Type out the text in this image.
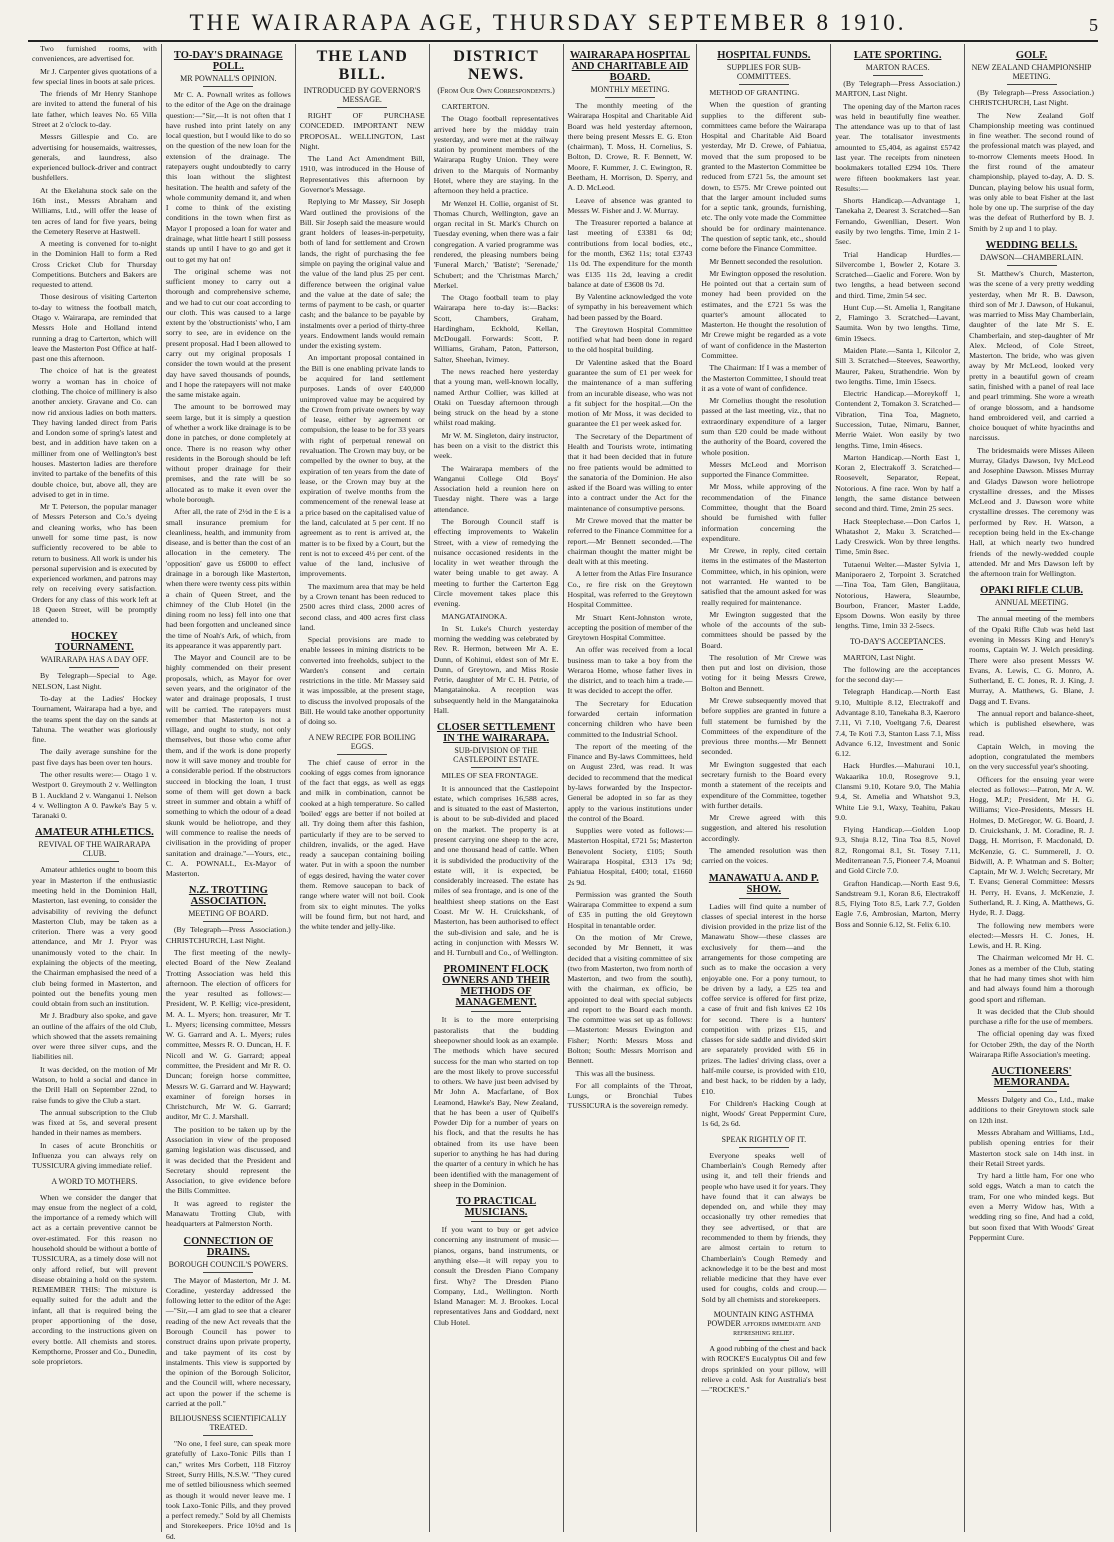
THE WAIRARAPA AGE, THURSDAY SEPTEMBER 8 1910.	5

Two furnished rooms, with conveniences, are advertised for.

Mr J. Carpenter gives quotations of a few special lines in boots at sale prices.

The friends of Mr Henry Stanhope are invited to attend the funeral of his late father, which leaves No. 65 Villa Street at 2 o'clock to-day.

Messrs Gillespie and Co. are advertising for housemaids, waitresses, generals, and laundress, also experienced bullock-driver and contract bushfellers.

At the Ekelahuna stock sale on the 16th inst., Messrs Abraham and Williams, Ltd., will offer the lease of ten acres of land for five years, being the Cemetery Reserve at Hastwell.

A meeting is convened for to-night in the Dominion Hall to form a Red Cross Cricket Club for Thursday Competitions. Butchers and Bakers are requested to attend.

Those desirous of visiting Carterton to-day to witness the football match, Otago v. Wairarapa, are reminded that Messrs Hole and Holland intend running a drag to Carterton, which will leave the Masterton Post Office at half-past one this afternoon.

The choice of hat is the greatest worry a woman has in choice of clothing. The choice of millinery is also another anxiety. Gravane and Co. can now rid anxious ladies on both matters. They having landed direct from Paris and London some of spring's latest and best, and in addition have taken on a milliner from one of Wellington's best houses. Masterton ladies are therefore invited to partake of the benefits of this double choice, but, above all, they are advised to get in in time.

Mr T. Peterson, the popular manager of Messrs Peterson and Co.'s dyeing and cleaning works, who has been unwell for some time past, is now sufficiently recovered to be able to return to business. All work is under his personal supervision and is executed by experienced workmen, and patrons may rely on receiving every satisfaction. Orders for any class of this work left at 18 Queen Street, will be promptly attended to.

HOCKEY TOURNAMENT.
WAIRARAPA HAS A DAY OFF.

By Telegraph—Special to Age. NELSON, Last Night.

To-day at the Ladies' Hockey Tournament, Wairarapa had a bye, and the teams spent the day on the sands at Tahuna. The weather was gloriously fine.

The daily average sunshine for the past five days has been over ten hours.

The other results were:— Otago 1 v. Westport 0. Greymouth 2 v. Wellington B 1. Auckland 2 v. Wanganui 1. Nelson 4 v. Wellington A 0. Pawke's Bay 5 v. Taranaki 0.

AMATEUR ATHLETICS.
REVIVAL OF THE WAIRARAPA CLUB.

Amateur athletics ought to boom this year in Masterton if the enthusiastic meeting held in the Dominion Hall, Masterton, last evening, to consider the advisability of reviving the defunct Masterton Club, may be taken as a criterion. There was a very good attendance, and Mr J. Pryor was unanimously voted to the chair. In explaining the objects of the meeting, the Chairman emphasised the need of a club being formed in Masterton, and pointed out the benefits young men could obtain from such an institution.

Mr J. Bradbury also spoke, and gave an outline of the affairs of the old Club, which showed that the assets remaining over were three silver cups, and the liabilities nil.

It was decided, on the motion of Mr Watson, to hold a social and dance in the Drill Hall on September 22nd, to raise funds to give the Club a start.

The annual subscription to the Club was fixed at 5s, and several present handed in their names as members.

In cases of acute Bronchitis or Influenza you can always rely on TUSSICURA giving immediate relief.

A WORD TO MOTHERS.

When we consider the danger that may ensue from the neglect of a cold, the importance of a remedy which will act as a certain preventive cannot be over-estimated. For this reason no household should be without a bottle of TUSSICURA, as a timely dose will not only afford relief, but will prevent disease obtaining a hold on the system. REMEMBER THIS: The mixture is equally suited for the adult and the infant, all that is required being the proper apportioning of the dose, according to the instructions given on every bottle. All chemists and stores. Kempthorne, Prosser and Co., Dunedin, sole proprietors.

TO-DAY'S DRAINAGE POLL.
MR POWNALL'S OPINION.

Mr C. A. Pownall writes as follows to the editor of the Age on the drainage question:—"Sir,—It is not often that I have rushed into print lately on any local question, but I would like to do so on the question of the new loan for the extension of the drainage. The ratepayers ought undoubtedly to carry this loan without the slightest hesitation. The health and safety of the whole community demand it, and when I come to think of the existing conditions in the town when first as Mayor I proposed a loan for water and drainage, what little heart I still possess stands up until I have to go and get it out to get my hat on!

The original scheme was not sufficient money to carry out a thorough and comprehensive scheme, and we had to cut our coat according to our cloth. This was caused to a large extent by the 'obstructionists' who, I am sorry to see, are in evidence on the present proposal. Had I been allowed to carry out my original proposals I consider the town would at the present day have saved thousands of pounds, and I hope the ratepayers will not make the same mistake again.

The amount to be borrowed may seem large, but it is simply a question of whether a work like drainage is to be done in patches, or done completely at once. There is no reason why other residents in the Borough should be left without proper drainage for their premises, and the rate will be so allocated as to make it even over the whole borough.

After all, the rate of 2½d in the £ is a small insurance premium for cleanliness, health, and immunity from disease, and is better than the cost of an allocation in the cemetery. The 'opposition' gave us £6000 to effect drainage in a borough like Masterton, when there were twenty cess pits within a chain of Queen Street, and the chimney of the Club Hotel (in the dining room no less) fell into one that had been forgotten and uncleaned since the time of Noah's Ark, of which, from its appearance it was apparently part.

The Mayor and Council are to be highly commended on their present proposals, which, as Mayor for over seven years, and the originator of the water and drainage proposals, I trust will be carried. The ratepayers must remember that Masterton is not a village, and ought to study, not only themselves, but those who come after them, and if the work is done properly now it will save money and trouble for a considerable period. If the obstructors succeed in blocking the loan, I trust some of them will get down a back street in summer and obtain a whiff of something to which the odour of a dead skunk would be heliotrope, and they will commence to realise the needs of civilisation in the providing of proper sanitation and drainage."—Yours, etc., C. A. POWNALL, Ex-Mayor of Masterton.

N.Z. TROTTING ASSOCIATION.
MEETING OF BOARD.

(By Telegraph—Press Association.) CHRISTCHURCH, Last Night.

The first meeting of the newly-elected Board of the New Zealand Trotting Association was held this afternoon. The election of officers for the year resulted as follows:—President, W. P. Kellig; vice-president, M. A. L. Myers; hon. treasurer, Mr T. L. Myers; licensing committee, Messrs W. G. Garrard and A. L. Myers; rules committee, Messrs R. O. Duncan, H. F. Nicoll and W. G. Garrard; appeal committee, the President and Mr R. O. Duncan; foreign horse committee, Messrs W. G. Garrard and W. Hayward; examiner of foreign horses in Christchurch, Mr W. G. Garrard; auditor, Mr C. J. Marshall.

The position to be taken up by the Association in view of the proposed gaming legislation was discussed, and it was decided that the President and Secretary should represent the Association, to give evidence before the Bills Committee.

It was agreed to register the Manawatu Trotting Club, with headquarters at Palmerston North.

CONNECTION OF DRAINS.
BOROUGH COUNCIL'S POWERS.

The Mayor of Masterton, Mr J. M. Coradine, yesterday addressed the following letter to the editor of the Age:—"Sir,—I am glad to see that a clearer reading of the new Act reveals that the Borough Council has power to construct drains upon private property, and take payment of its cost by instalments. This view is supported by the opinion of the Borough Solicitor, and the Council will, where necessary, act upon the power if the scheme is carried at the poll."

BILIOUSNESS SCIENTIFICALLY TREATED.

"No one, I feel sure, can speak more gratefully of Laxo-Tonic Pills than I can," writes Mrs Corbett, 118 Fitzroy Street, Surry Hills, N.S.W. "They cured me of settled biliousness which seemed as though it would never leave me. I took Laxo-Tonic Pills, and they proved a perfect remedy." Sold by all Chemists and Storekeepers. Price 10½d and 1s 6d.

THE LAND BILL.
INTRODUCED BY GOVERNOR'S MESSAGE.

RIGHT OF PURCHASE CONCEDED. IMPORTANT NEW PROPOSAL. WELLINGTON, Last Night.

The Land Act Amendment Bill, 1910, was introduced in the House of Representatives this afternoon by Governor's Message.

Replying to Mr Massey, Sir Joseph Ward outlined the provisions of the Bill. Sir Joseph said the measure would grant holders of leases-in-perpetuity, both of land for settlement and Crown lands, the right of purchasing the fee simple on paying the original value and the value of the land plus 25 per cent. difference between the original value and the value at the date of sale; the terms of payment to be cash, or quarter cash; and the balance to be payable by instalments over a period of thirty-three years. Endowment lands would remain under the existing system.

An important proposal contained in the Bill is one enabling private lands to be acquired for land settlement purposes. Lands of over £40,000 unimproved value may be acquired by the Crown from private owners by way of lease, either by agreement or compulsion, the lease to be for 33 years with right of perpetual renewal on revaluation. The Crown may buy, or be compelled by the owner to buy, at the expiration of ten years from the date of lease, or the Crown may buy at the expiration of twelve months from the commencement of the renewal lease at a price based on the capitalised value of the land, calculated at 5 per cent. If no agreement as to rent is arrived at, the matter is to be fixed by a Court, but the rent is not to exceed 4½ per cent. of the value of the land, inclusive of improvements.

The maximum area that may be held by a Crown tenant has been reduced to 2500 acres third class, 2000 acres of second class, and 400 acres first class land.

Special provisions are made to enable lessees in mining districts to be converted into freeholds, subject to the Warden's consent and certain restrictions in the title. Mr Massey said it was impossible, at the present stage, to discuss the involved proposals of the Bill. He would take another opportunity of doing so.

A NEW RECIPE FOR BOILING EGGS.

The chief cause of error in the cooking of eggs comes from ignorance of the fact that eggs, as well as eggs and milk in combination, cannot be cooked at a high temperature. So called 'boiled' eggs are better if not boiled at all. Try doing them after this fashion, particularly if they are to be served to children, invalids, or the aged. Have ready a saucepan containing boiling water. Put in with a spoon the number of eggs desired, having the water cover them. Remove saucepan to back of range where water will not boil. Cook from six to eight minutes. The yolks will be found firm, but not hard, and the white tender and jelly-like.

DISTRICT NEWS.
(From Our Own Correspondents.)

CARTERTON.

The Otago football representatives arrived here by the midday train yesterday, and were met at the railway station by prominent members of the Wairarapa Rugby Union. They were driven to the Marquis of Normanby Hotel, where they are staying. In the afternoon they held a practice.

Mr Wenzel H. Collie, organist of St. Thomas Church, Wellington, gave an organ recital in St. Mark's Church on Tuesday evening, when there was a fair congregation. A varied programme was rendered, the pleasing numbers being 'Funeral March,' 'Batiste'; 'Serenade,' Schubert; and the 'Christmas March,' Merkel.

The Otago football team to play Wairarapa here to-day is:—Backs: Scott, Chambers, Graham, Hardingham, Eckhold, Kellan, McDougall. Forwards: Scott, P. Williams, Graham, Paton, Patterson, Salter, Sheehan, Ivimey.

The news reached here yesterday that a young man, well-known locally, named Arthur Collier, was killed at Otaki on Tuesday afternoon through being struck on the head by a stone whilst road making.

Mr W. M. Singleton, dairy instructor, has been on a visit to the district this week.

The Wairarapa members of the Wanganui College Old Boys' Association held a reunion here on Tuesday night. There was a large attendance.

The Borough Council staff is effecting improvements to Wakelin Street, with a view of remedying the nuisance occasioned residents in the locality in wet weather through the water being unable to get away. A meeting to further the Carterton Egg Circle movement takes place this evening.

MANGATAINOKA.

In St. Luke's Church yesterday morning the wedding was celebrated by Rev. R. Hermon, between Mr A. E. Dunn, of Kohinui, eldest son of Mr E. Dunn, of Greytown, and Miss Rosie Petrie, daughter of Mr C. H. Petrie, of Mangatainoka. A reception was subsequently held in the Mangatainoka Hall.

CLOSER SETTLEMENT IN THE WAIRARAPA.
SUB-DIVISION OF THE CASTLEPOINT ESTATE.

MILES OF SEA FRONTAGE.

It is announced that the Castlepoint estate, which comprises 16,588 acres, and is situated to the east of Masterton, is about to be sub-divided and placed on the market. The property is at present carrying one sheep to the acre, and one thousand head of cattle. When it is subdivided the productivity of the estate will, it is expected, be considerably increased. The estate has miles of sea frontage, and is one of the healthiest sheep stations on the East Coast. Mr W. H. Cruickshank, of Masterton, has been authorised to effect the sub-division and sale, and he is acting in conjunction with Messrs W. and H. Turnbull and Co., of Wellington.

PROMINENT FLOCK OWNERS AND THEIR METHODS OF MANAGEMENT.

It is to the more enterprising pastoralists that the budding sheepowner should look as an example. The methods which have secured success for the man who started on top are the most likely to prove successful to others. We have just been advised by Mr John A. Macfarlane, of Box Leamond, Hawke's Bay, New Zealand, that he has been a user of Quibell's Powder Dip for a number of years on his flock, and that the results he has obtained from its use have been superior to anything he has had during the quarter of a century in which he has been identified with the management of sheep in the Dominion.

TO PRACTICAL MUSICIANS.

If you want to buy or get advice concerning any instrument of music—pianos, organs, band instruments, or anything else—it will repay you to consult the Dresden Piano Company first. Why? The Dresden Piano Company, Ltd., Wellington. North Island Manager: M. J. Brookes. Local representatives Jans and Goddard, next Club Hotel.

WAIRARAPA HOSPITAL AND CHARITABLE AID BOARD.
MONTHLY MEETING.

The monthly meeting of the Wairarapa Hospital and Charitable Aid Board was held yesterday afternoon, there being present Messrs E. G. Eton (chairman), T. Moss, H. Cornelius, S. Bolton, D. Crowe, R. F. Bennett, W. Moore, F. Kummer, J. C. Ewington, R. Beetham, H. Morrison, D. Sperry, and A. D. McLeod.

Leave of absence was granted to Messrs W. Fisher and J. W. Murray.

The Treasurer reported a balance at last meeting of £3381 6s 0d; contributions from local bodies, etc., for the month, £362 11s; total £3743 11s 0d. The expenditure for the month was £135 11s 2d, leaving a credit balance at date of £3608 0s 7d.

By Valentine acknowledged the vote of sympathy in his bereavement which had been passed by the Board.

The Greytown Hospital Committee notified what had been done in regard to the old hospital building.

Dr Valentine asked that the Board guarantee the sum of £1 per week for the maintenance of a man suffering from an incurable disease, who was not a fit subject for the hospital.—On the motion of Mr Moss, it was decided to guarantee the £1 per week asked for.

The Secretary of the Department of Health and Tourists wrote, intimating that it had been decided that in future no free patients would be admitted to the sanatoria of the Dominion. He also asked if the Board was willing to enter into a contract under the Act for the maintenance of consumptive persons.

Mr Crewe moved that the matter be referred to the Finance Committee for a report.—Mr Bennett seconded.—The chairman thought the matter might be dealt with at this meeting.

A letter from the Atlas Fire Insurance Co., re fire risk on the Greytown Hospital, was referred to the Greytown Hospital Committee.

Mr Stuart Kent-Johnston wrote, accepting the position of member of the Greytown Hospital Committee.

An offer was received from a local business man to take a boy from the Weraroa Home, whose father lives in the district, and to teach him a trade.—It was decided to accept the offer.

The Secretary for Education forwarded certain information concerning children who have been committed to the Industrial School.

The report of the meeting of the Finance and By-laws Committees, held on August 23rd, was read. It was decided to recommend that the medical by-laws forwarded by the Inspector-General be adopted in so far as they apply to the various institutions under the control of the Board.

Supplies were voted as follows:—Masterton Hospital, £721 5s; Masterton Benevolent Society, £105; South Wairarapa Hospital, £313 17s 9d; Pahiatua Hospital, £400; total, £1660 2s 9d.

Permission was granted the South Wairarapa Committee to expend a sum of £35 in putting the old Greytown Hospital in tenantable order.

On the motion of Mr Crewe, seconded by Mr Bennett, it was decided that a visiting committee of six (two from Masterton, two from north of Masterton, and two from the south), with the chairman, ex officio, be appointed to deal with special subjects and report to the Board each month. The committee was set up as follows:—Masterton: Messrs Ewington and Fisher; North: Messrs Moss and Bolton; South: Messrs Morrison and Bennett.

This was all the business.

For all complaints of the Throat, Lungs, or Bronchial Tubes TUSSICURA is the sovereign remedy.

HOSPITAL FUNDS.
SUPPLIES FOR SUB-COMMITTEES.

METHOD OF GRANTING.

When the question of granting supplies to the different sub-committees came before the Wairarapa Hospital and Charitable Aid Board yesterday, Mr D. Crewe, of Pahiatua, moved that the sum proposed to be granted to the Masterton Committee be reduced from £721 5s, the amount set down, to £575. Mr Crewe pointed out that the larger amount included sums for a septic tank, grounds, furnishing, etc. The only vote made the Committee should be for ordinary maintenance. The question of septic tank, etc., should come before the Finance Committee.

Mr Bennett seconded the resolution.

Mr Ewington opposed the resolution. He pointed out that a certain sum of money had been provided on the estimates, and the £721 5s was the quarter's amount allocated to Masterton. He thought the resolution of Mr Crewe might be regarded as a vote of want of confidence in the Masterton Committee.

The Chairman: If I was a member of the Masterton Committee, I should treat it as a vote of want of confidence.

Mr Cornelius thought the resolution passed at the last meeting, viz., that no extraordinary expenditure of a larger sum than £20 could be made without the authority of the Board, covered the whole position.

Messrs McLeod and Morrison supported the Finance Committee.

Mr Moss, while approving of the recommendation of the Finance Committee, thought that the Board should be furnished with fuller information concerning the expenditure.

Mr Crewe, in reply, cited certain items in the estimates of the Masterton Committee, which, in his opinion, were not warranted. He wanted to be satisfied that the amount asked for was really required for maintenance.

Mr Ewington suggested that the whole of the accounts of the sub-committees should be passed by the Board.

The resolution of Mr Crewe was then put and lost on division, those voting for it being Messrs Crewe, Bolton and Bennett.

Mr Crewe subsequently moved that before supplies are granted in future a full statement be furnished by the Committees of the expenditure of the previous three months.—Mr Bennett seconded.

Mr Ewington suggested that each secretary furnish to the Board every month a statement of the receipts and expenditure of the Committee, together with further details.

Mr Crewe agreed with this suggestion, and altered his resolution accordingly.

The amended resolution was then carried on the voices.

MANAWATU A. AND P. SHOW.

Ladies will find quite a number of classes of special interest in the horse division provided in the prize list of the Manawatu Show—these classes are exclusively for them—and the arrangements for those competing are such as to make the occasion a very enjoyable one. For a pony turnout, to be driven by a lady, a £25 tea and coffee service is offered for first prize, a case of fruit and fish knives £2 10s for second. There is a hunters' competition with prizes £15, and classes for side saddle and divided skirt are separately provided with £6 in prizes. The ladies' driving class, over a half-mile course, is provided with £10, and best hack, to be ridden by a lady, £10.

For Children's Hacking Cough at night, Woods' Great Peppermint Cure, 1s 6d, 2s 6d.

SPEAK RIGHTLY OF IT.

Everyone speaks well of Chamberlain's Cough Remedy after using it, and tell their friends and people who have used it for years. They have found that it can always be depended on, and while they may occasionally try other remedies that they see advertised, or that are recommended to them by friends, they are almost certain to return to Chamberlain's Cough Remedy and acknowledge it to be the best and most reliable medicine that they have ever used for coughs, colds and croup.—Sold by all chemists and storekeepers.

MOUNTAIN KING ASTHMA POWDER affords immediate and refreshing relief.

A good rubbing of the chest and back with ROCKE'S Eucalyptus Oil and few drops sprinkled on your pillow, will relieve a cold. Ask for Australia's best—"ROCKE'S."

LATE SPORTING.
MARTON RACES.

(By Telegraph—Press Association.) MARTON, Last Night.

The opening day of the Marton races was held in beautifully fine weather. The attendance was up to that of last year. The totalisator investments amounted to £5,404, as against £5742 last year. The receipts from nineteen bookmakers totalled £294 10s. There were fifteen bookmakers last year. Results:—

Shorts Handicap.—Advantage 1, Tanekaha 2, Dearest 3. Scratched—San Fernando, Gwenllian, Desert. Won easily by two lengths. Time, 1min 2 1-5sec.

Trial Handicap Hurdles.—Silvercombe 1, Bowler 2, Kotare 3. Scratched—Gaelic and Forere. Won by two lengths, a head between second and third. Time, 2min 54 sec.

Hunt Cup.—St. Amelia 1, Rangitane 2, Flamingo 3. Scratched—Lavant, Saumita. Won by two lengths. Time, 6min 19secs.

Maiden Plate.—Santa 1, Kilcolor 2, Sill 3. Scratched—Steeves, Seaworthy, Maurer, Pakeu, Strathendrie. Won by two lengths. Time, 1min 15secs.

Electric Handicap.—Moreykoff 1, Contendent 2, Tomakon 3. Scratched—Vibration, Tina Toa, Magneto, Succession, Tutae, Nimaru, Banner, Merrie Waiet. Won easily by two lengths. Time, 1min 46secs.

Marton Handicap.—North East 1, Koran 2, Electrakoff 3. Scratched—Roosevelt, Separator, Repeat, Notorious. A fine race. Won by half a length, the same distance between second and third. Time, 2min 25 secs.

Hack Steeplechase.—Don Carlos 1, Whatashot 2, Maku 3. Scratched—Lady Creswick. Won by three lengths. Time, 5min 8sec.

Tutaenui Welter.—Master Sylvia 1, Maniporaero 2, Torpoint 3. Scratched—Tina Toa, Tam Glen, Bangiitaua, Notorious, Hawera, Sleaumbe, Bourbon, Francer, Master Ladde, Epsom Downs. Won easily by three lengths. Time, 1min 33 2-5secs.

TO-DAY'S ACCEPTANCES.

MARTON, Last Night.

The following are the acceptances for the second day:—

Telegraph Handicap.—North East 9.10, Multiple 8.12, Electrakoff and Advantage 8.10, Tanekaha 8.3, Kaeroro 7.11, Vi 7.10, Voeltgang 7.6, Dearest 7.4, Te Koti 7.3, Stanton Lass 7.1, Miss Advance 6.12, Investment and Sonic 6.12.

Hack Hurdles.—Mahuraui 10.1, Wakaarika 10.0, Rosegrove 9.1, Clansmi 9.10, Kotare 9.0, The Mahia 9.4, St. Amelia and Whatshot 9.3, White Lie 9.1, Waxy, Teahitu, Pakau 9.0.

Flying Handicap.—Golden Loop 9.3, Shuja 8.12, Tina Toa 8.5, Novel 8.2, Rongomai 8.1, St. Tosey 7.11, Mediterranean 7.5, Pioneer 7.4, Moanui and Gold Circle 7.0.

Grafton Handicap.—North East 9.6, Sandstream 9.1, Koran 8.6, Electrakoff 8.5, Flying Toto 8.5, Lark 7.7, Golden Eagle 7.6, Ambrosian, Marton, Merry Boss and Sonnie 6.12, St. Felix 6.10.

GOLF.
NEW ZEALAND CHAMPIONSHIP MEETING.

(By Telegraph—Press Association.) CHRISTCHURCH, Last Night.

The New Zealand Golf Championship meeting was continued in fine weather. The second round of the professional match was played, and to-morrow Clements meets Hood. In the first round of the amateur championship, played to-day, A. D. S. Duncan, playing below his usual form, was only able to beat Fisher at the last hole by one up. The surprise of the day was the defeat of Rutherford by B. J. Smith by 2 up and 1 to play.

WEDDING BELLS.
DAWSON—CHAMBERLAIN.

St. Matthew's Church, Masterton, was the scene of a very pretty wedding yesterday, when Mr R. B. Dawson, third son of Mr J. Dawson, of Hukanui, was married to Miss May Chamberlain, daughter of the late Mr S. E. Chamberlain, and step-daughter of Mr Alex. Mcleod, of Cole Street, Masterton. The bride, who was given away by Mr McLeod, looked very pretty in a beautiful gown of cream satin, finished with a panel of real lace and pearl trimming. She wore a wreath of orange blossom, and a handsome hand embroidered veil, and carried a choice bouquet of white hyacinths and narcissus.

The bridesmaids were Misses Aileen Murray, Gladys Dawson, Ivy McLeod and Josephine Dawson. Misses Murray and Gladys Dawson wore heliotrope crystalline dresses, and the Misses McLeod and J. Dawson wore white crystalline dresses. The ceremony was performed by Rev. H. Watson, a reception being held in the Ex-change Hall, at which nearly two hundred friends of the newly-wedded couple attended. Mr and Mrs Dawson left by the afternoon train for Wellington.

OPAKI RIFLE CLUB.
ANNUAL MEETING.

The annual meeting of the members of the Opaki Rifle Club was held last evening in Messrs King and Henry's rooms, Captain W. J. Welch presiding. There were also present Messrs W. Evans, A. Lewis, C. G. Monro, A. Sutherland, E. C. Jones, R. J. King, J. Murray, A. Matthews, G. Blane, J. Dagg and T. Evans.

The annual report and balance-sheet, which is published elsewhere, was read.

Captain Welch, in moving the adoption, congratulated the members on the very successful year's shooting.

Officers for the ensuing year were elected as follows:—Patron, Mr A. W. Hogg, M.P.; President, Mr H. G. Williams; Vice-Presidents, Messrs H. Holmes, D. McGregor, W. G. Board, J. D. Cruickshank, J. M. Coradine, R. J. Dagg, H. Morrison, F. Macdonald, D. McKenzie, G. C. Summerell, J. O. Bidwill, A. P. Whatman and S. Bolter; Captain, Mr W. J. Welch; Secretary, Mr T. Evans; General Committee: Messrs H. Perry, H. Evans, J. McKenzie, J. Sutherland, R. J. King, A. Matthews, G. Hyde, R. J. Dagg.

The following new members were elected:—Messrs H. C. Jones, H. Lewis, and H. R. King.

The Chairman welcomed Mr H. C. Jones as a member of the Club, stating that he had many times shot with him and had always found him a thorough good sport and rifleman.

It was decided that the Club should purchase a rifle for the use of members.

The official opening day was fixed for October 29th, the day of the North Wairarapa Rifle Association's meeting.

AUCTIONEERS' MEMORANDA.

Messrs Dalgety and Co., Ltd., make additions to their Greytown stock sale on 12th inst.

Messrs Abraham and Williams, Ltd., publish opening entries for their Masterton stock sale on 14th inst. in their Retail Street yards.

Try hard a little ham, For one who sold eggs, Watch a man to catch the tram, For one who minded kegs. But even a Merry Widow has, With a wedding ring so fine, And had a cold, but soon fixed that With Woods' Great Peppermint Cure.
